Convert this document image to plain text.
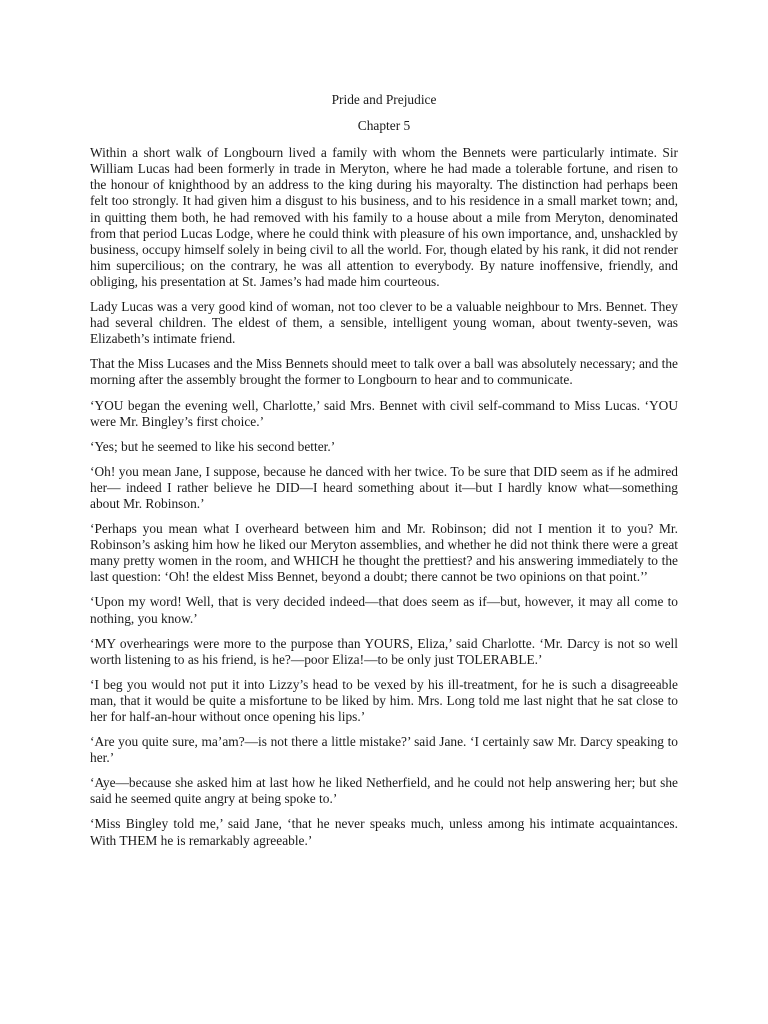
Pride and Prejudice
Chapter 5

Within a short walk of Longbourn lived a family with whom the Bennets were particularly intimate. Sir William Lucas had been formerly in trade in Meryton, where he had made a tolerable fortune, and risen to the honour of knighthood by an address to the king during his mayoralty. The distinction had perhaps been felt too strongly. It had given him a disgust to his business, and to his residence in a small market town; and, in quitting them both, he had removed with his family to a house about a mile from Meryton, denominated from that period Lucas Lodge, where he could think with pleasure of his own importance, and, unshackled by business, occupy himself solely in being civil to all the world. For, though elated by his rank, it did not render him supercilious; on the contrary, he was all attention to everybody. By nature inoffensive, friendly, and obliging, his presentation at St. James’s had made him courteous.

Lady Lucas was a very good kind of woman, not too clever to be a valuable neighbour to Mrs. Bennet. They had several children. The eldest of them, a sensible, intelligent young woman, about twenty-seven, was Elizabeth’s intimate friend.

That the Miss Lucases and the Miss Bennets should meet to talk over a ball was absolutely necessary; and the morning after the assembly brought the former to Longbourn to hear and to communicate.

‘YOU began the evening well, Charlotte,’ said Mrs. Bennet with civil self-command to Miss Lucas. ‘YOU were Mr. Bingley’s first choice.’

‘Yes; but he seemed to like his second better.’

‘Oh! you mean Jane, I suppose, because he danced with her twice. To be sure that DID seem as if he admired her— indeed I rather believe he DID—I heard something about it—but I hardly know what—something about Mr. Robinson.’

‘Perhaps you mean what I overheard between him and Mr. Robinson; did not I mention it to you? Mr. Robinson’s asking him how he liked our Meryton assemblies, and whether he did not think there were a great many pretty women in the room, and WHICH he thought the prettiest? and his answering immediately to the last question: ‘Oh! the eldest Miss Bennet, beyond a doubt; there cannot be two opinions on that point.’’

‘Upon my word! Well, that is very decided indeed—that does seem as if—but, however, it may all come to nothing, you know.’

‘MY overhearings were more to the purpose than YOURS, Eliza,’ said Charlotte. ‘Mr. Darcy is not so well worth listening to as his friend, is he?—poor Eliza!—to be only just TOLERABLE.’

‘I beg you would not put it into Lizzy’s head to be vexed by his ill-treatment, for he is such a disagreeable man, that it would be quite a misfortune to be liked by him. Mrs. Long told me last night that he sat close to her for half-an-hour without once opening his lips.’

‘Are you quite sure, ma’am?—is not there a little mistake?’ said Jane. ‘I certainly saw Mr. Darcy speaking to her.’

‘Aye—because she asked him at last how he liked Netherfield, and he could not help answering her; but she said he seemed quite angry at being spoke to.’

‘Miss Bingley told me,’ said Jane, ‘that he never speaks much, unless among his intimate acquaintances. With THEM he is remarkably agreeable.’
